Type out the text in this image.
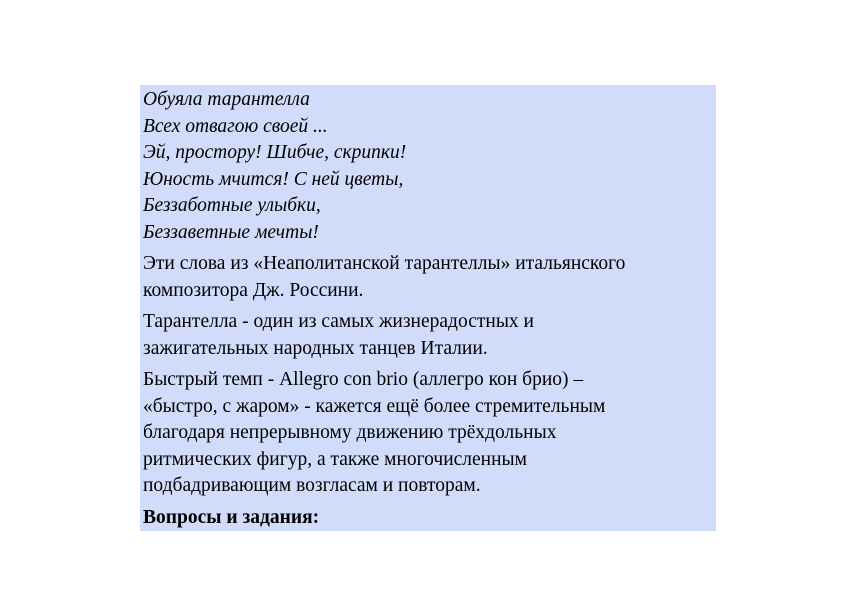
Обуяла тарантелла
Всех отвагою своей ...
Эй, простору! Шибче, скрипки!
Юность мчится! С ней цветы,
Беззаботные улыбки,
Беззаветные мечты!
Эти слова из «Неаполитанской тарантеллы» итальянского
композитора Дж. Россини.
Тарантелла - один из самых жизнерадостных и
зажигательных народных танцев Италии.
Быстрый темп - Allegro con brio (аллегро кон брио) –
«быстро, с жаром» - кажется ещё более стремительным
благодаря непрерывному движению трёхдольных
ритмических фигур, а также многочисленным
подбадривающим возгласам и повторам.
Вопросы и задания:
